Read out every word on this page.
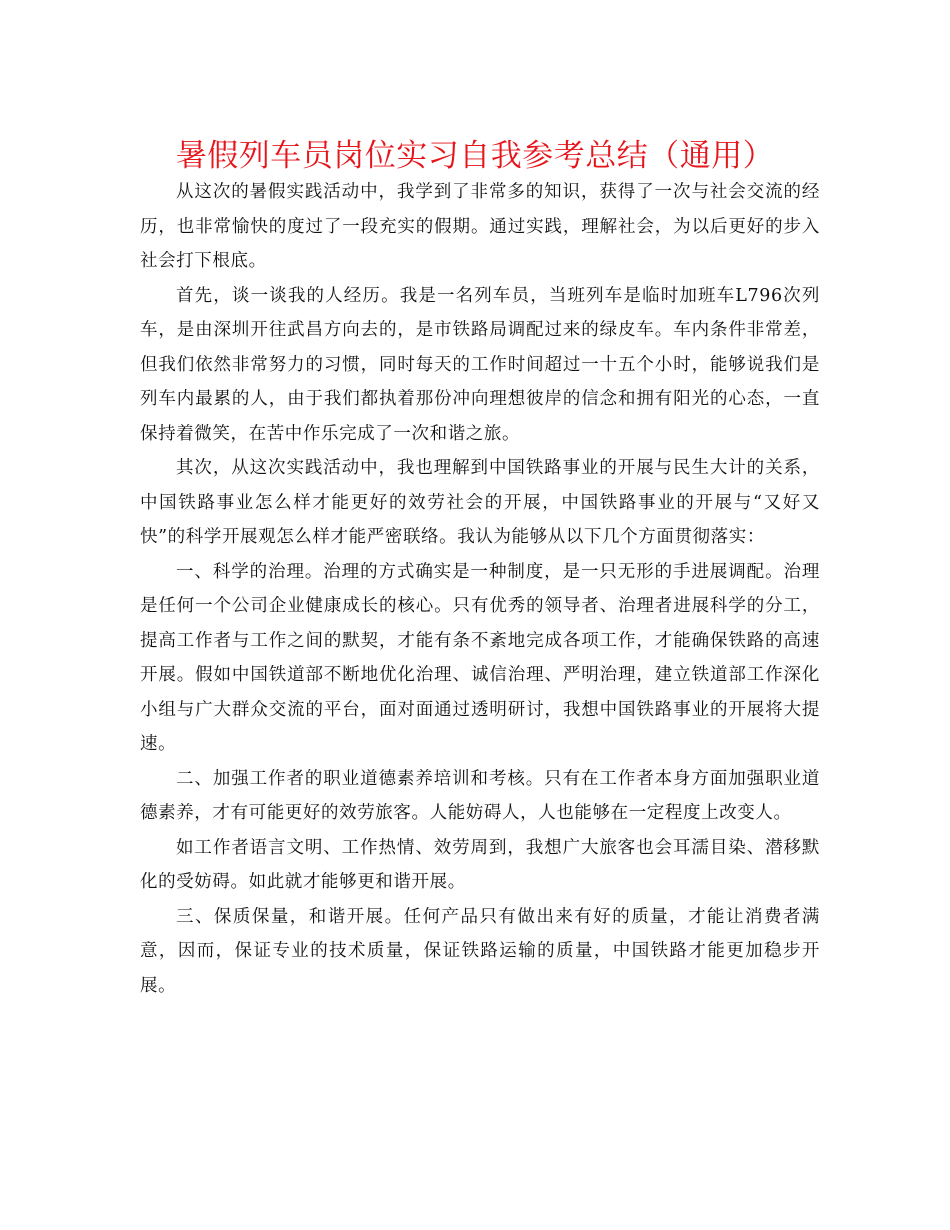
暑假列车员岗位实习自我参考总结（通用）

从这次的暑假实践活动中，我学到了非常多的知识，获得了一次与社会交流的经历，也非常愉快的度过了一段充实的假期。通过实践，理解社会，为以后更好的步入社会打下根底。

首先，谈一谈我的人经历。我是一名列车员，当班列车是临时加班车L796次列车，是由深圳开往武昌方向去的，是市铁路局调配过来的绿皮车。车内条件非常差，但我们依然非常努力的习惯，同时每天的工作时间超过一十五个小时，能够说我们是列车内最累的人，由于我们都执着那份冲向理想彼岸的信念和拥有阳光的心态，一直保持着微笑，在苦中作乐完成了一次和谐之旅。

其次，从这次实践活动中，我也理解到中国铁路事业的开展与民生大计的关系，中国铁路事业怎么样才能更好的效劳社会的开展，中国铁路事业的开展与“又好又快”的科学开展观怎么样才能严密联络。我认为能够从以下几个方面贯彻落实：

一、科学的治理。治理的方式确实是一种制度，是一只无形的手进展调配。治理是任何一个公司企业健康成长的核心。只有优秀的领导者、治理者进展科学的分工，提高工作者与工作之间的默契，才能有条不紊地完成各项工作，才能确保铁路的高速开展。假如中国铁道部不断地优化治理、诚信治理、严明治理，建立铁道部工作深化小组与广大群众交流的平台，面对面通过透明研讨，我想中国铁路事业的开展将大提速。

二、加强工作者的职业道德素养培训和考核。只有在工作者本身方面加强职业道德素养，才有可能更好的效劳旅客。人能妨碍人，人也能够在一定程度上改变人。

如工作者语言文明、工作热情、效劳周到，我想广大旅客也会耳濡目染、潜移默化的受妨碍。如此就才能够更和谐开展。

三、保质保量，和谐开展。任何产品只有做出来有好的质量，才能让消费者满意，因而，保证专业的技术质量，保证铁路运输的质量，中国铁路才能更加稳步开展。
